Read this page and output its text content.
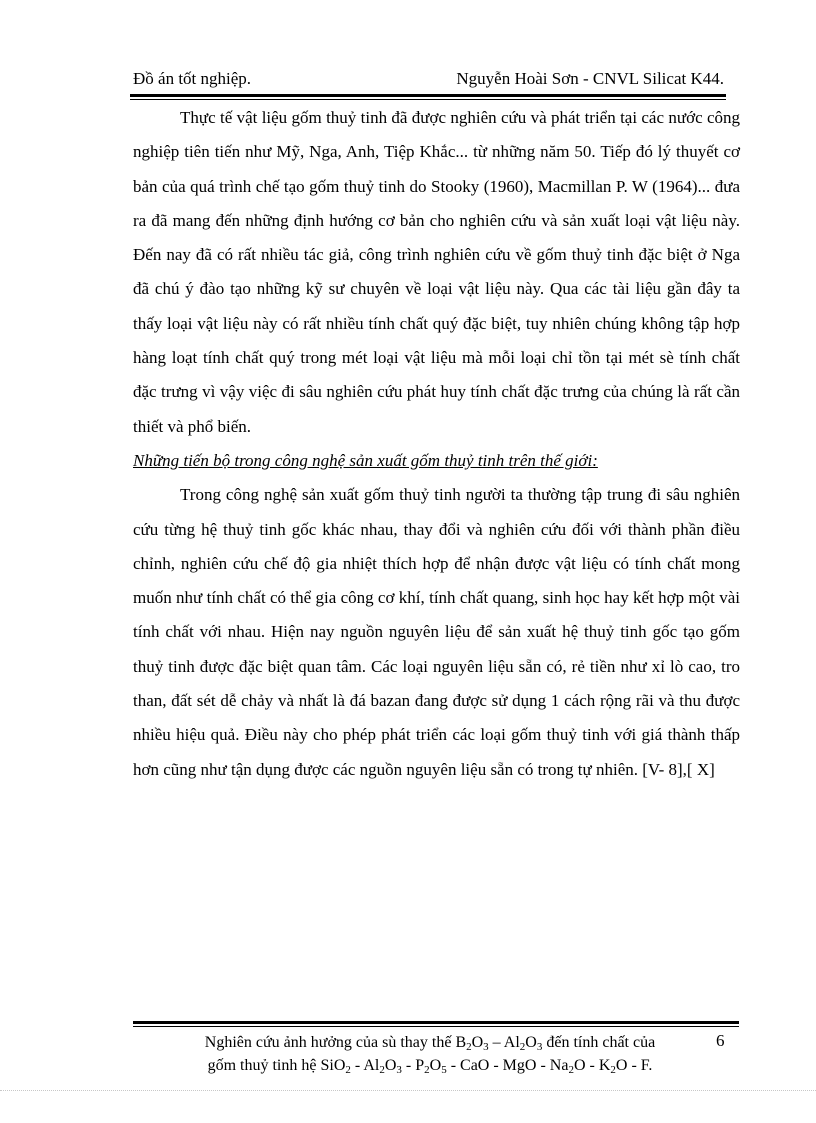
Đồ án tốt nghiệp.	Nguyễn Hoài Sơn - CNVL Silicat K44.

Thực tế vật liệu gốm thuỷ tinh đã được nghiên cứu và phát triển tại các nước công nghiệp tiên tiến như Mỹ, Nga, Anh, Tiệp Khắc... từ những năm 50. Tiếp đó lý thuyết cơ bản của quá trình chế tạo gốm thuỷ tinh do Stooky (1960), Macmillan P. W (1964)... đưa ra đã mang đến những định hướng cơ bản cho nghiên cứu và sản xuất loại vật liệu này. Đến nay đã có rất nhiều tác giả, công trình nghiên cứu về gốm thuỷ tinh đặc biệt ở Nga đã chú ý đào tạo những kỹ sư chuyên về loại vật liệu này. Qua các tài liệu gần đây ta thấy loại vật liệu này có rất nhiều tính chất quý đặc biệt, tuy nhiên chúng không tập hợp hàng loạt tính chất quý trong mét loại vật liệu mà mỗi loại chỉ tồn tại mét sè tính chất đặc trưng vì vậy việc đi sâu nghiên cứu phát huy tính chất đặc trưng của chúng là rất cần thiết và phổ biến.

Những tiến bộ trong công nghệ sản xuất gốm thuỷ tinh trên thế giới:

Trong công nghệ sản xuất gốm thuỷ tinh người ta thường tập trung đi sâu nghiên cứu từng hệ thuỷ tinh gốc khác nhau, thay đổi và nghiên cứu đối với thành phần điều chỉnh, nghiên cứu chế độ gia nhiệt thích hợp để nhận được vật liệu có tính chất mong muốn như tính chất có thể gia công cơ khí, tính chất quang, sinh học hay kết hợp một vài tính chất với nhau. Hiện nay nguồn nguyên liệu để sản xuất hệ thuỷ tinh gốc tạo gốm thuỷ tinh được đặc biệt quan tâm. Các loại nguyên liệu sẵn có, rẻ tiền như xỉ lò cao, tro than, đất sét dễ chảy và nhất là đá bazan đang được sử dụng 1 cách rộng rãi và thu được nhiều hiệu quả. Điều này cho phép phát triển các loại gốm thuỷ tinh với giá thành thấp hơn cũng như tận dụng được các nguồn nguyên liệu sẵn có trong tự nhiên. [V- 8],[ X]

Nghiên cứu ảnh hưởng của sù thay thế $B_2O_3 - Al_2O_3$ đến tính chất của
gốm thuỷ tinh hệ $SiO_2 - Al_2O_3 - P_2O_5$ - CaO - MgO - $Na_2O - K_2O$ - F.
6
